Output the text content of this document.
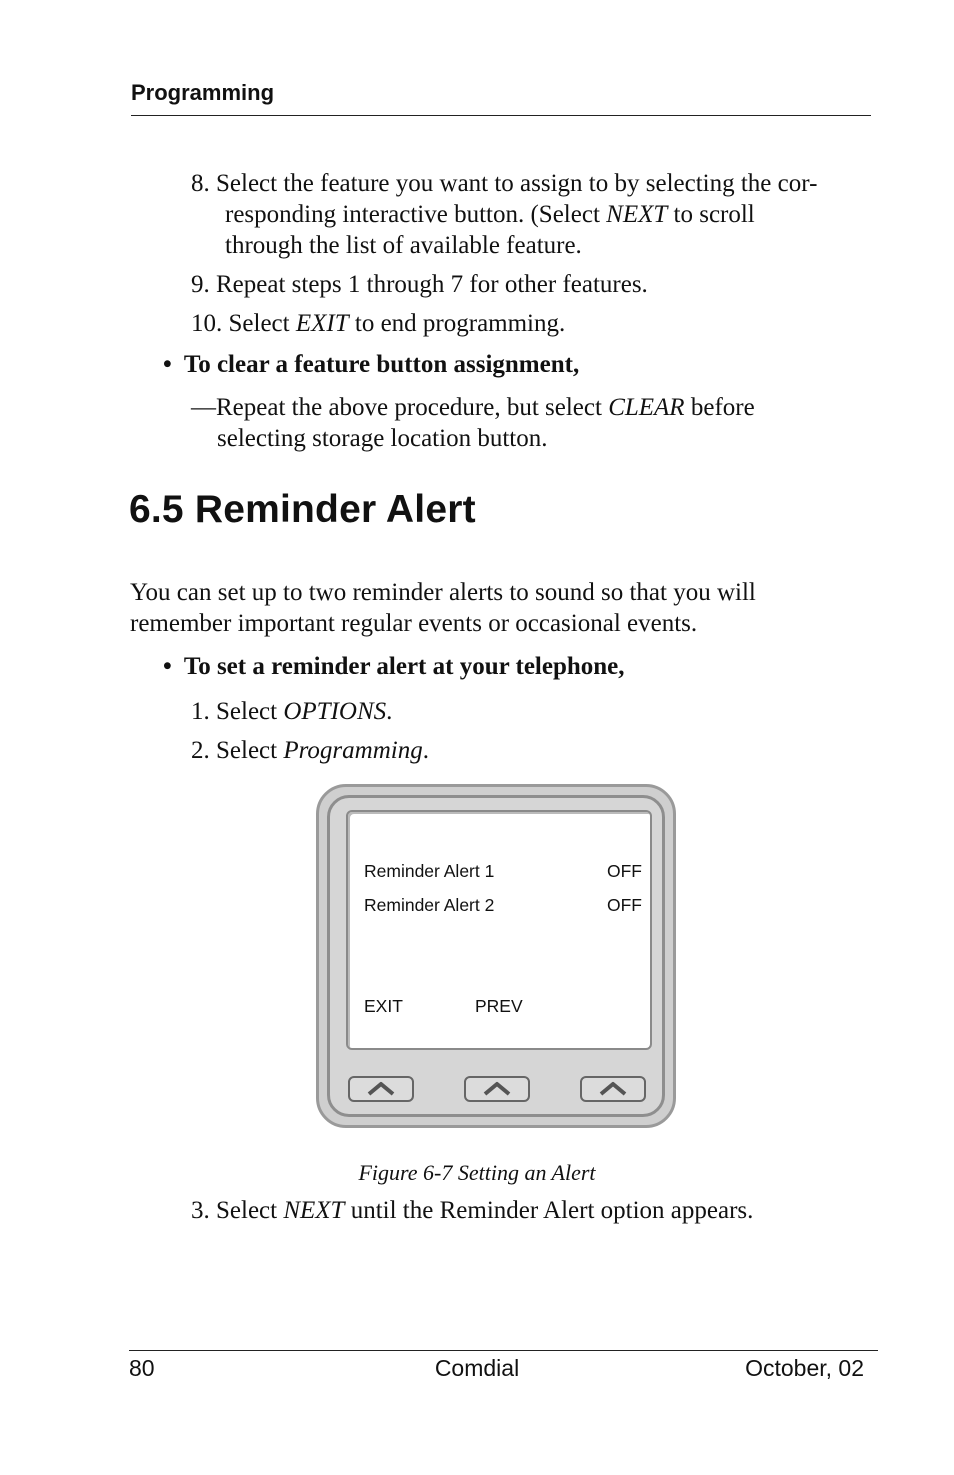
Programming
8. Select the feature you want to assign to by selecting the cor-
responding interactive button. (Select NEXT to scroll
through the list of available feature.
9. Repeat steps 1 through 7 for other features.
10. Select EXIT to end programming.
• To clear a feature button assignment,
—Repeat the above procedure, but select CLEAR before
selecting storage location button.
6.5 Reminder Alert
You can set up to two reminder alerts to sound so that you will
remember important regular events or occasional events.
• To set a reminder alert at your telephone,
1. Select OPTIONS.
2. Select Programming.
Reminder Alert 1	OFF
Reminder Alert 2	OFF
EXIT	PREV
Figure 6-7 Setting an Alert
3. Select NEXT until the Reminder Alert option appears.
80	Comdial	October, 02
